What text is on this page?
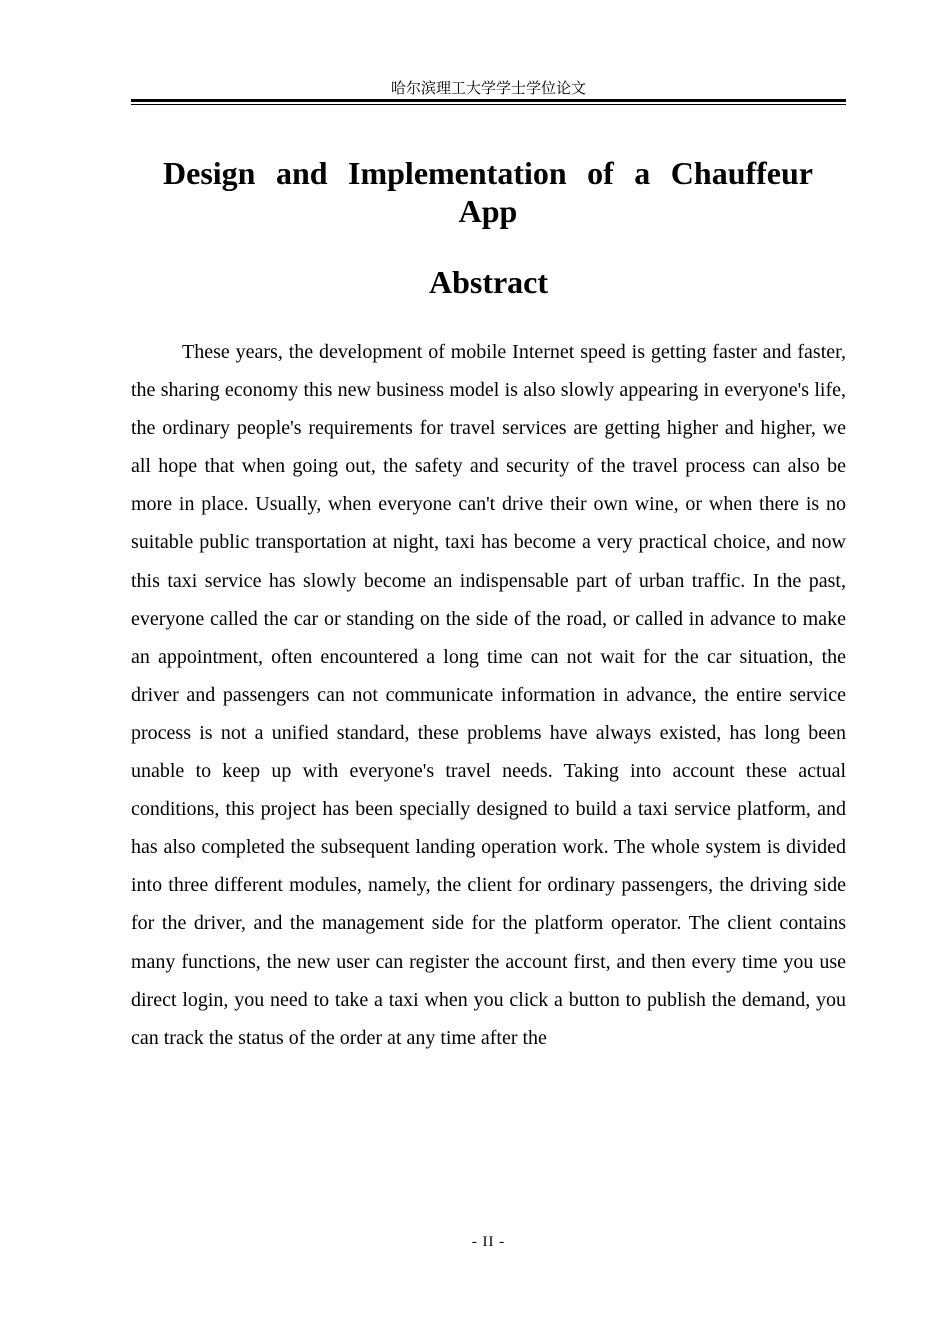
哈尔滨理工大学学士学位论文
Design and Implementation of a Chauffeur App
Abstract

These years, the development of mobile Internet speed is getting faster and faster, the sharing economy this new business model is also slowly appearing in everyone's life, the ordinary people's requirements for travel services are getting higher and higher, we all hope that when going out, the safety and security of the travel process can also be more in place. Usually, when everyone can't drive their own wine, or when there is no suitable public transportation at night, taxi has become a very practical choice, and now this taxi service has slowly become an indispensable part of urban traffic. In the past, everyone called the car or standing on the side of the road, or called in advance to make an appointment, often encountered a long time can not wait for the car situation, the driver and passengers can not communicate information in advance, the entire service process is not a unified standard, these problems have always existed, has long been unable to keep up with everyone's travel needs. Taking into account these actual conditions, this project has been specially designed to build a taxi service platform, and has also completed the subsequent landing operation work. The whole system is divided into three different modules, namely, the client for ordinary passengers, the driving side for the driver, and the management side for the platform operator. The client contains many functions, the new user can register the account first, and then every time you use direct login, you need to take a taxi when you click a button to publish the demand, you can track the status of the order at any time after the

- II -
